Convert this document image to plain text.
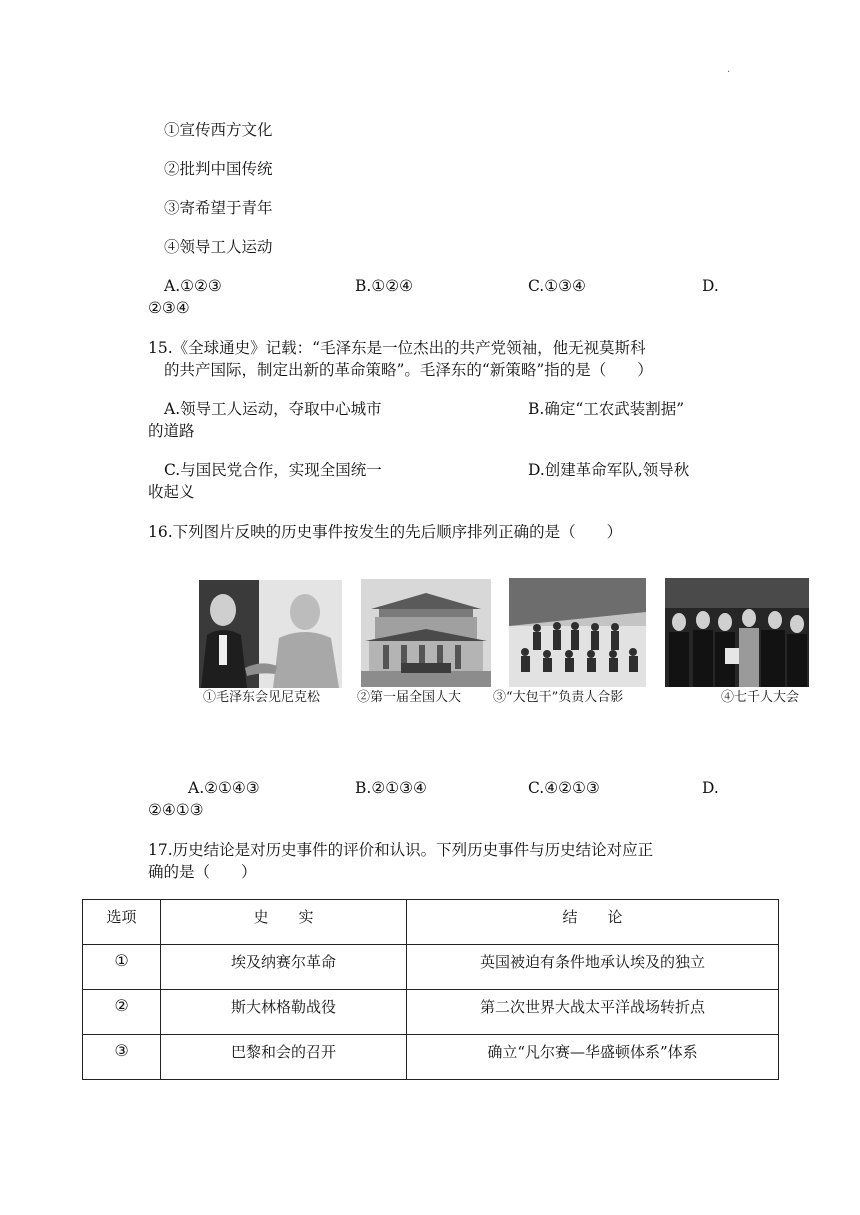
.
①宣传西方文化
②批判中国传统
③寄希望于青年
④领导工人运动
A.①②③	B.①②④	C.①③④	D.
②③④
15.《全球通史》记载：“毛泽东是一位杰出的共产党领袖，他无视莫斯科
的共产国际，制定出新的革命策略”。毛泽东的“新策略”指的是（　　）
A.领导工人运动，夺取中心城市	B.确定“工农武装割据”
的道路
C.与国民党合作，实现全国统一	D.创建革命军队,领导秋
收起义
16.下列图片反映的历史事件按发生的先后顺序排列正确的是（　　）
①毛泽东会见尼克松	②第一届全国人大 ③“大包干”负责人合影	④七千人大会
A.②①④③	B.②①③④	C.④②①③	D.
②④①③
17.历史结论是对历史事件的评价和认识。下列历史事件与历史结论对应正
确的是（　　）
选项	史　　实	结　　论
①	埃及纳赛尔革命	英国被迫有条件地承认埃及的独立
②	斯大林格勒战役	第二次世界大战太平洋战场转折点
③	巴黎和会的召开	确立“凡尔赛—华盛顿体系”体系
